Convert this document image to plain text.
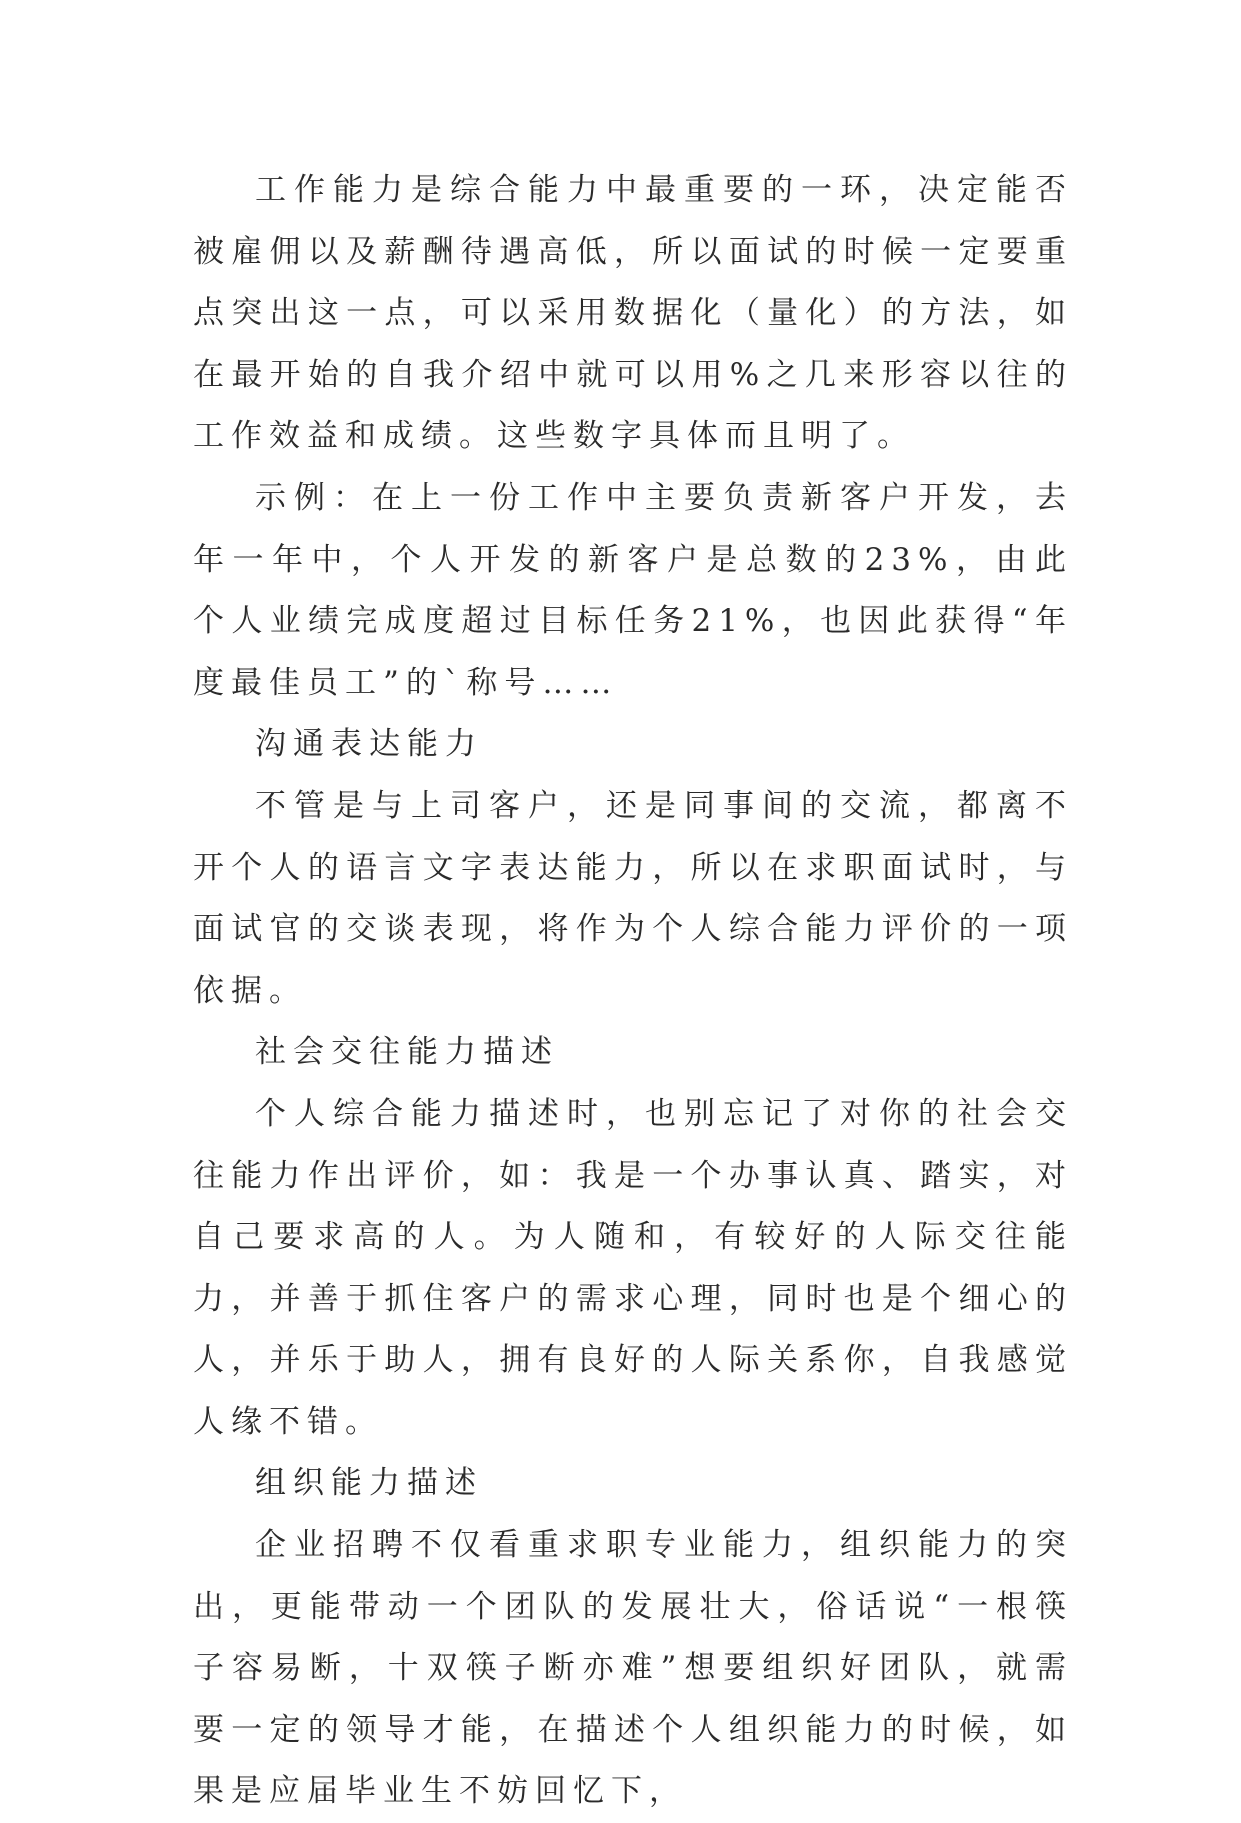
工作能力是综合能力中最重要的一环，决定能否被雇佣以及薪酬待遇高低，所以面试的时候一定要重点突出这一点，可以采用数据化（量化）的方法，如在最开始的自我介绍中就可以用%之几来形容以往的工作效益和成绩。这些数字具体而且明了。

示例：在上一份工作中主要负责新客户开发，去年一年中，个人开发的新客户是总数的23%，由此个人业绩完成度超过目标任务21%，也因此获得“年度最佳员工”的`称号……

沟通表达能力

不管是与上司客户，还是同事间的交流，都离不开个人的语言文字表达能力，所以在求职面试时，与面试官的交谈表现，将作为个人综合能力评价的一项依据。

社会交往能力描述

个人综合能力描述时，也别忘记了对你的社会交往能力作出评价，如：我是一个办事认真、踏实，对自己要求高的人。为人随和，有较好的人际交往能力，并善于抓住客户的需求心理，同时也是个细心的人，并乐于助人，拥有良好的人际关系你，自我感觉人缘不错。

组织能力描述

企业招聘不仅看重求职专业能力，组织能力的突出，更能带动一个团队的发展壮大，俗话说“一根筷子容易断，十双筷子断亦难”想要组织好团队，就需要一定的领导才能，在描述个人组织能力的时候，如果是应届毕业生不妨回忆下，
